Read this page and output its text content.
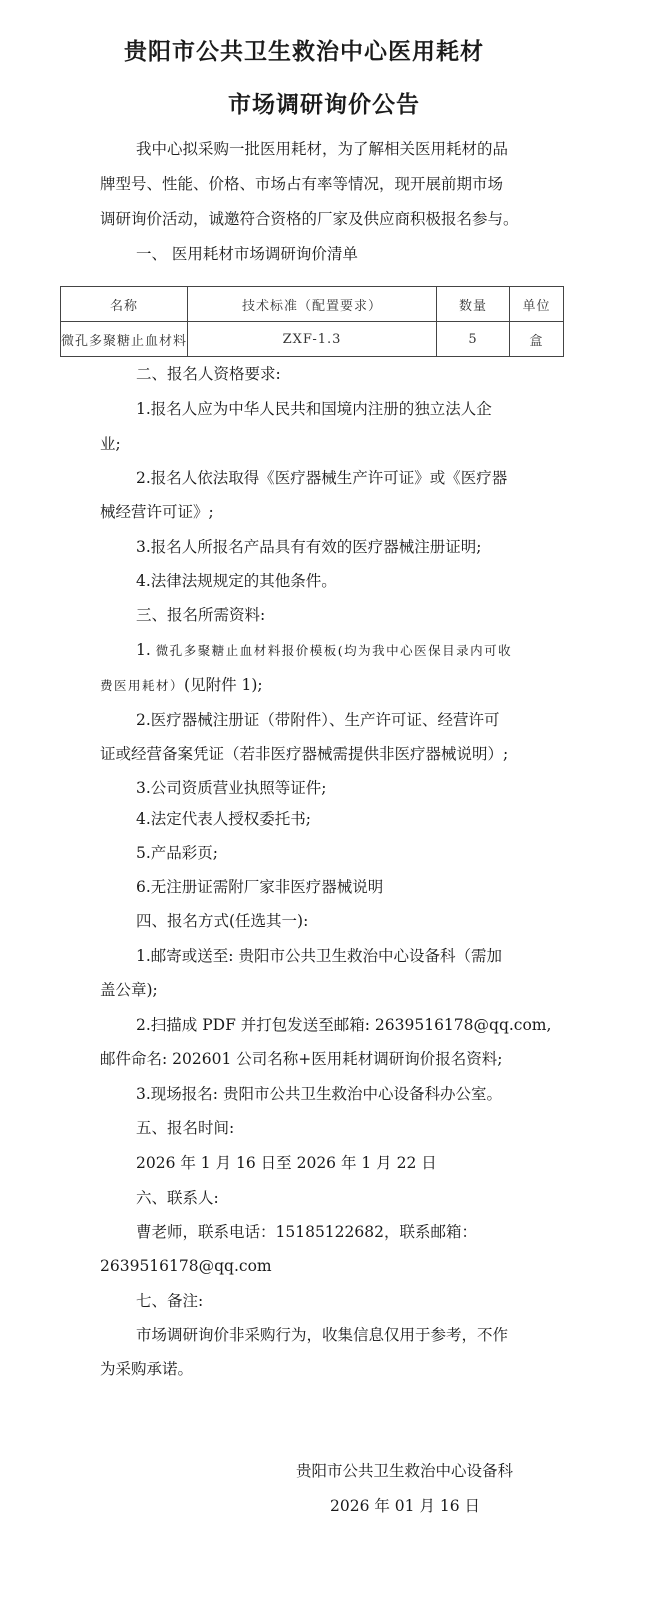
贵阳市公共卫生救治中心医用耗材
市场调研询价公告
我中心拟采购一批医用耗材，为了解相关医用耗材的品
牌型号、性能、价格、市场占有率等情况，现开展前期市场
调研询价活动，诚邀符合资格的厂家及供应商积极报名参与。
一、 医用耗材市场调研询价清单
名称	技术标准（配置要求）	数量	单位
微孔多聚糖止血材料	ZXF-1.3	5	盒
二、报名人资格要求:
1.报名人应为中华人民共和国境内注册的独立法人企
业;
2.报名人依法取得《医疗器械生产许可证》或《医疗器
械经营许可证》;
3.报名人所报名产品具有有效的医疗器械注册证明;
4.法律法规规定的其他条件。
三、报名所需资料:
1. 微孔多聚糖止血材料报价模板(均为我中心医保目录内可收
费医用耗材）(见附件 1);
2.医疗器械注册证（带附件）、生产许可证、经营许可
证或经营备案凭证（若非医疗器械需提供非医疗器械说明）;
3.公司资质营业执照等证件;
4.法定代表人授权委托书;
5.产品彩页;
6.无注册证需附厂家非医疗器械说明
四、报名方式(任选其一):
1.邮寄或送至: 贵阳市公共卫生救治中心设备科（需加
盖公章);
2.扫描成 PDF 并打包发送至邮箱: 2639516178@qq.com,
邮件命名: 202601 公司名称+医用耗材调研询价报名资料;
3.现场报名: 贵阳市公共卫生救治中心设备科办公室。
五、报名时间:
2026 年 1 月 16 日至 2026 年 1 月 22 日
六、联系人:
曹老师，联系电话：15185122682，联系邮箱：
2639516178@qq.com
七、备注:
市场调研询价非采购行为，收集信息仅用于参考，不作
为采购承诺。
贵阳市公共卫生救治中心设备科
2026 年 01 月 16 日
